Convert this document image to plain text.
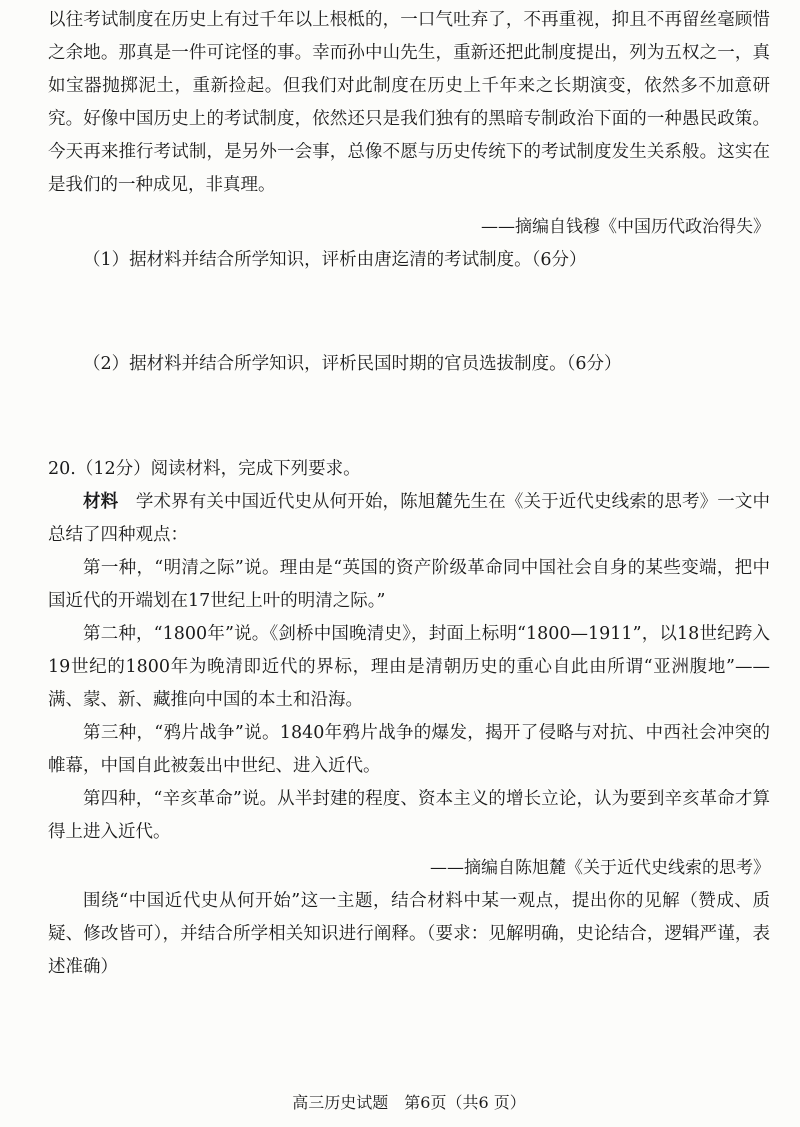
以往考试制度在历史上有过千年以上根柢的，一口气吐弃了，不再重视，抑且不再留丝毫顾惜之余地。那真是一件可诧怪的事。幸而孙中山先生，重新还把此制度提出，列为五权之一，真如宝器抛掷泥土，重新捡起。但我们对此制度在历史上千年来之长期演变，依然多不加意研究。好像中国历史上的考试制度，依然还只是我们独有的黑暗专制政治下面的一种愚民政策。今天再来推行考试制，是另外一会事，总像不愿与历史传统下的考试制度发生关系般。这实在是我们的一种成见，非真理。

——摘编自钱穆《中国历代政治得失》

（1）据材料并结合所学知识，评析由唐迄清的考试制度。（6分）

（2）据材料并结合所学知识，评析民国时期的官员选拔制度。（6分）

20.（12分）阅读材料，完成下列要求。

材料　 学术界有关中国近代史从何开始，陈旭麓先生在《关于近代史线索的思考》一文中总结了四种观点：

第一种，“明清之际”说。理由是“英国的资产阶级革命同中国社会自身的某些变端，把中国近代的开端划在17世纪上叶的明清之际。”

第二种，“1800年”说。《剑桥中国晚清史》，封面上标明“1800—1911”，以18世纪跨入19世纪的1800年为晚清即近代的界标，理由是清朝历史的重心自此由所谓“亚洲腹地”——满、蒙、新、藏推向中国的本土和沿海。

第三种，“鸦片战争”说。1840年鸦片战争的爆发，揭开了侵略与对抗、中西社会冲突的帷幕，中国自此被轰出中世纪、进入近代。

第四种，“辛亥革命”说。从半封建的程度、资本主义的增长立论，认为要到辛亥革命才算得上进入近代。

——摘编自陈旭麓《关于近代史线索的思考》

围绕“中国近代史从何开始”这一主题，结合材料中某一观点，提出你的见解（赞成、质疑、修改皆可），并结合所学相关知识进行阐释。（要求：见解明确，史论结合，逻辑严谨，表述准确）

高三历史试题　第6页（共6 页）
